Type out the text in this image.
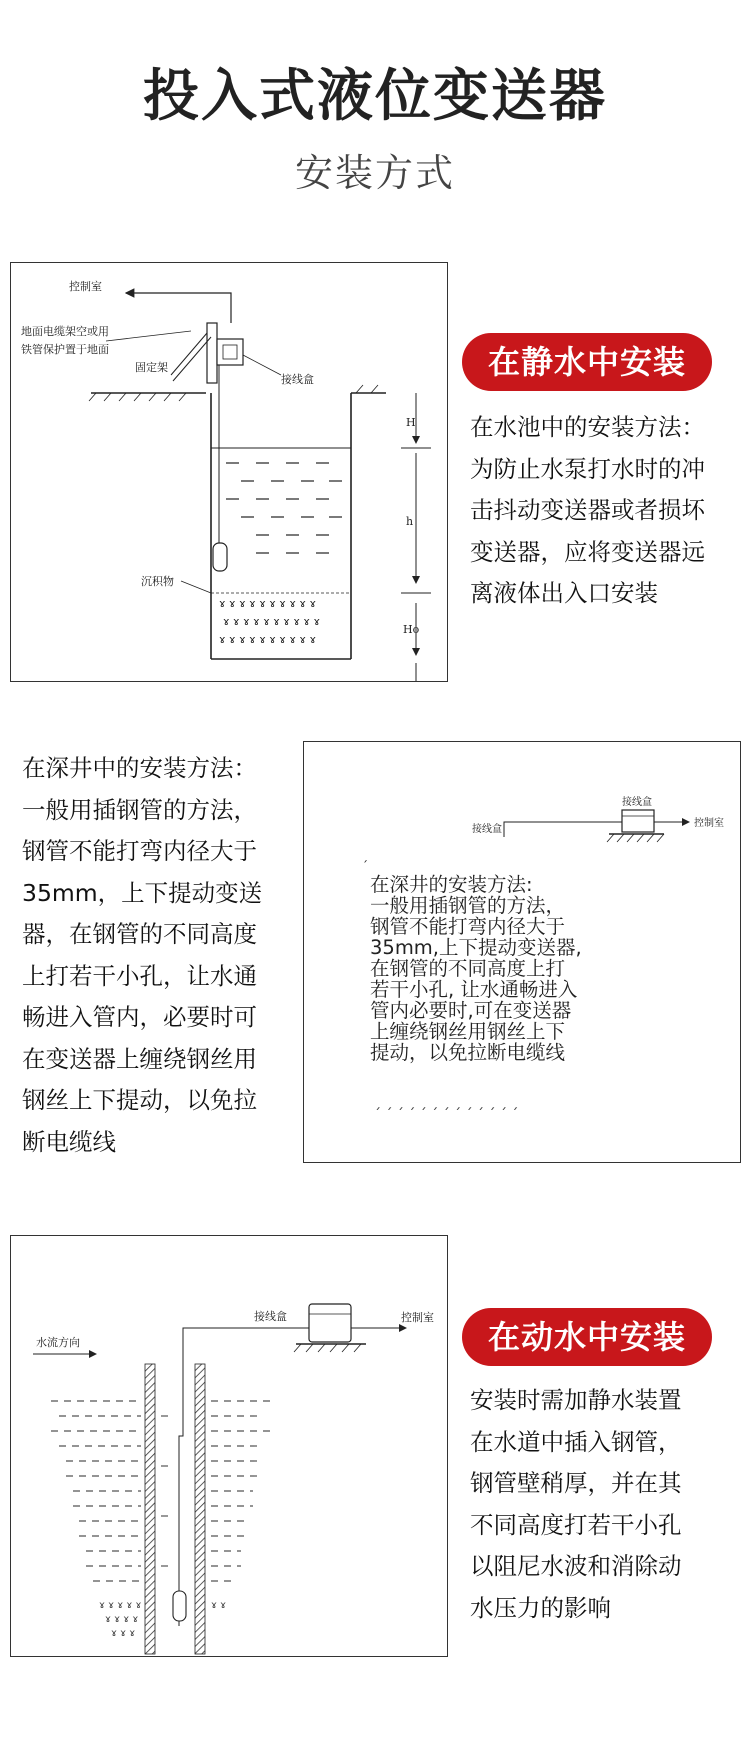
投入式液位变送器
安装方式
控制室
地面电缆架空或用
铁管保护置于地面
固定架
接线盒
沉积物
ɤ ɤ ɤ ɤ ɤ ɤ ɤ ɤ ɤ ɤ
ɤ ɤ ɤ ɤ ɤ ɤ ɤ ɤ ɤ ɤ
ɤ ɤ ɤ ɤ ɤ ɤ ɤ ɤ ɤ ɤ
H
h
Ho
在静水中安装
在水池中的安装方法：
为防止水泵打水时的冲
击抖动变送器或者损坏
变送器，应将变送器远
离液体出入口安装
在深井中的安装方法：
一般用插钢管的方法，
钢管不能打弯内径大于
35mm，上下提动变送
器，在钢管的不同高度
上打若干小孔，让水通
畅进入管内，必要时可
在变送器上缠绕钢丝用
钢丝上下提动，以免拉
断电缆线
接线盒
控制室
接线盒
ˊ
ˊ ˊ ˊ ˊ ˊ ˊ ˊ ˊ ˊ ˊ ˊ ˊ ˊ
在深井的安装方法:
一般用插钢管的方法，
钢管不能打弯内径大于
35mm,上下提动变送器,
在钢管的不同高度上打
若干小孔, 让水通畅进入
管内必要时,可在变送器
上缠绕钢丝用钢丝上下
提动，以免拉断电缆线
水流方向
接线盒	控制室
ɤ ɤ ɤ ɤ ɤ	ɤ ɤ
ɤ ɤ ɤ ɤ
ɤ ɤ ɤ
在动水中安装
安装时需加静水装置
在水道中插入钢管，
钢管壁稍厚，并在其
不同高度打若干小孔
以阻尼水波和消除动
水压力的影响
